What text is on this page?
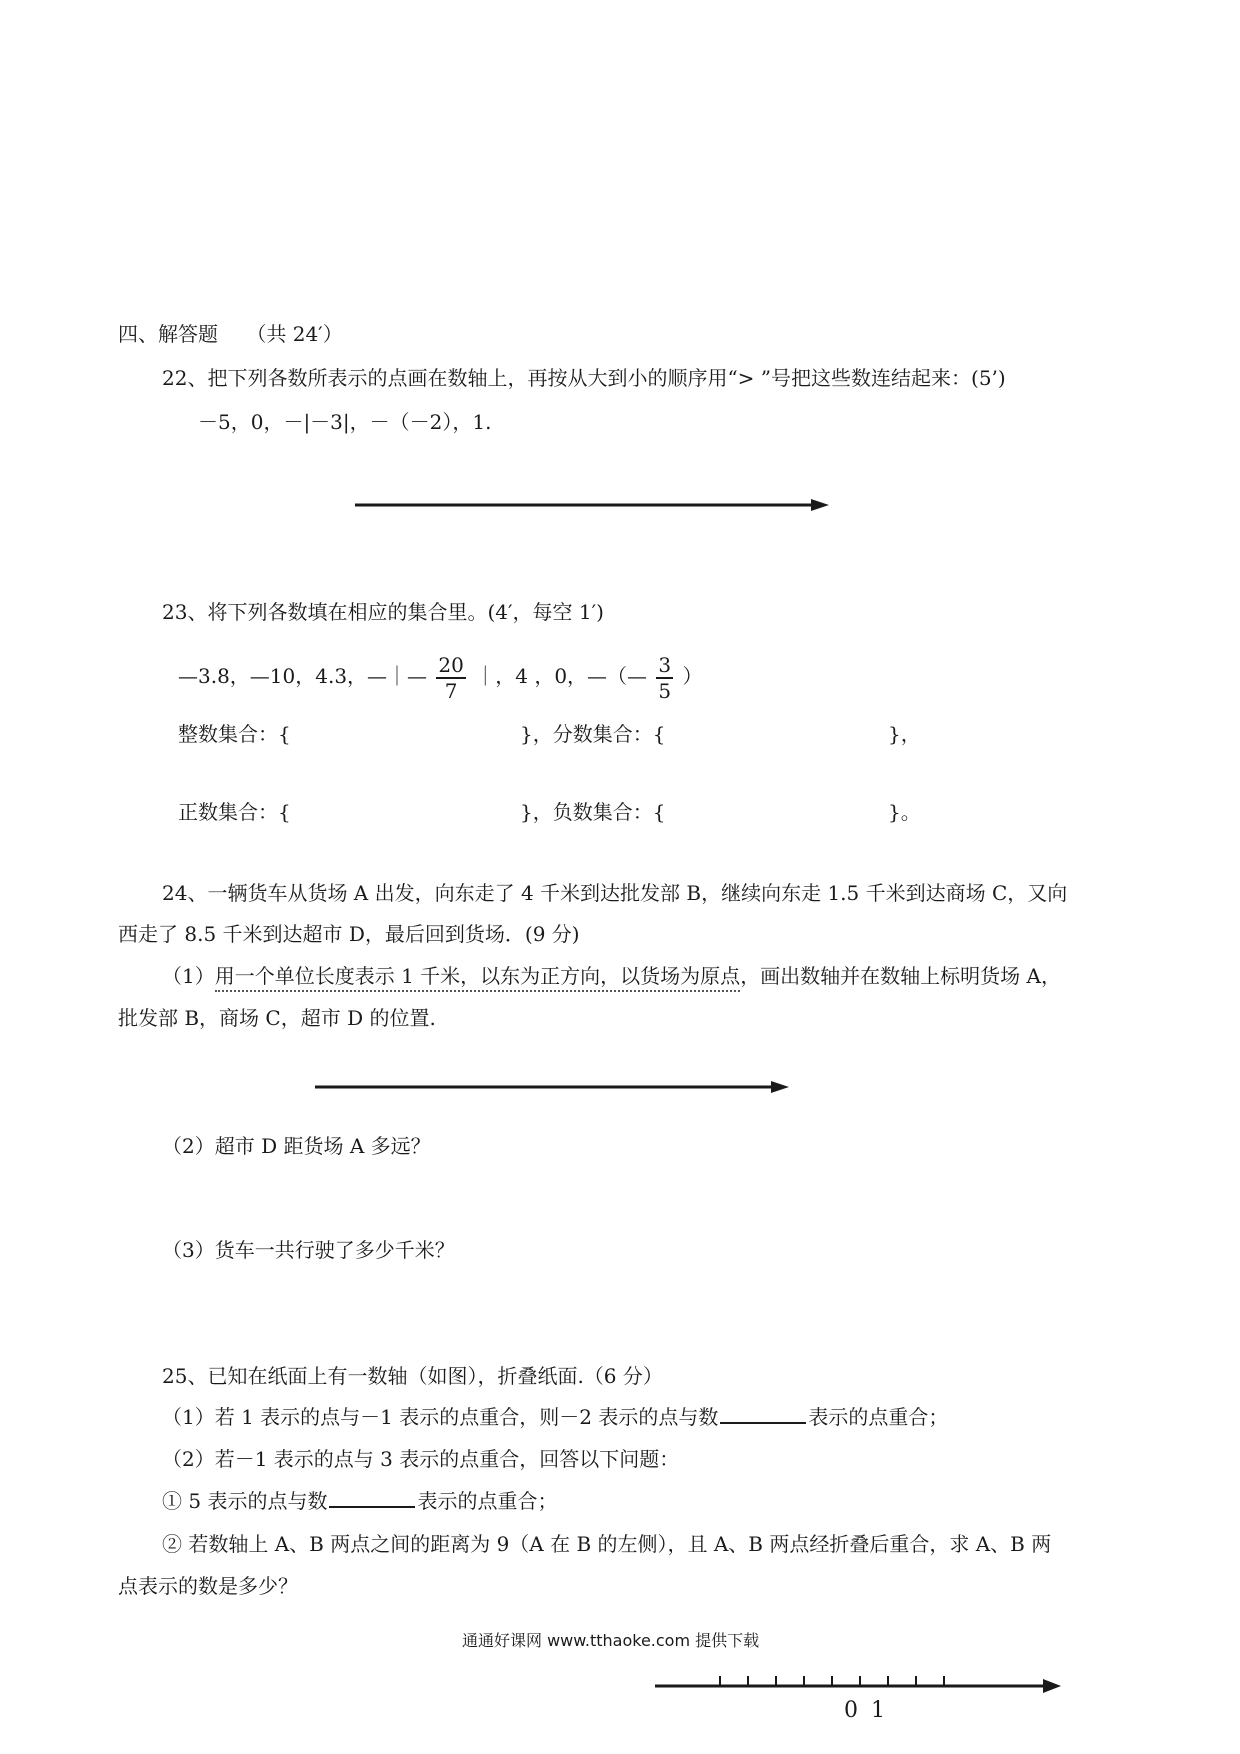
四、解答题 （共 24′）
22、把下列各数所表示的点画在数轴上，再按从大到小的顺序用“> ”号把这些数连结起来：(5’)
－5，0，－|－3|，－（－2），1.
23、将下列各数填在相应的集合里。(4′，每空 1′)
—3.8，—10，4.3，—｜— $\frac{20}{7}$ ｜，4 ，0，—（— $\frac{3}{5}$ ）
整数集合：{	}，分数集合：{	}，
正数集合：{	}，负数集合：{	}。
24、一辆货车从货场 A 出发，向东走了 4 千米到达批发部 B，继续向东走 1.5 千米到达商场 C，又向
西走了 8.5 千米到达超市 D，最后回到货场．(9 分)
（1）用一个单位长度表示 1 千米，以东为正方向，以货场为原点，画出数轴并在数轴上标明货场 A，
批发部 B，商场 C，超市 D 的位置.
（2）超市 D 距货场 A 多远？
（3）货车一共行驶了多少千米？
25、已知在纸面上有一数轴（如图），折叠纸面.（6 分）
（1）若 1 表示的点与－1 表示的点重合，则－2 表示的点与数	表示的点重合；
（2）若－1 表示的点与 3 表示的点重合，回答以下问题：
① 5 表示的点与数	表示的点重合；
② 若数轴上 A、B 两点之间的距离为 9（A 在 B 的左侧），且 A、B 两点经折叠后重合，求 A、B 两
点表示的数是多少？
通通好课网 www.tthaoke.com 提供下载
0 1
